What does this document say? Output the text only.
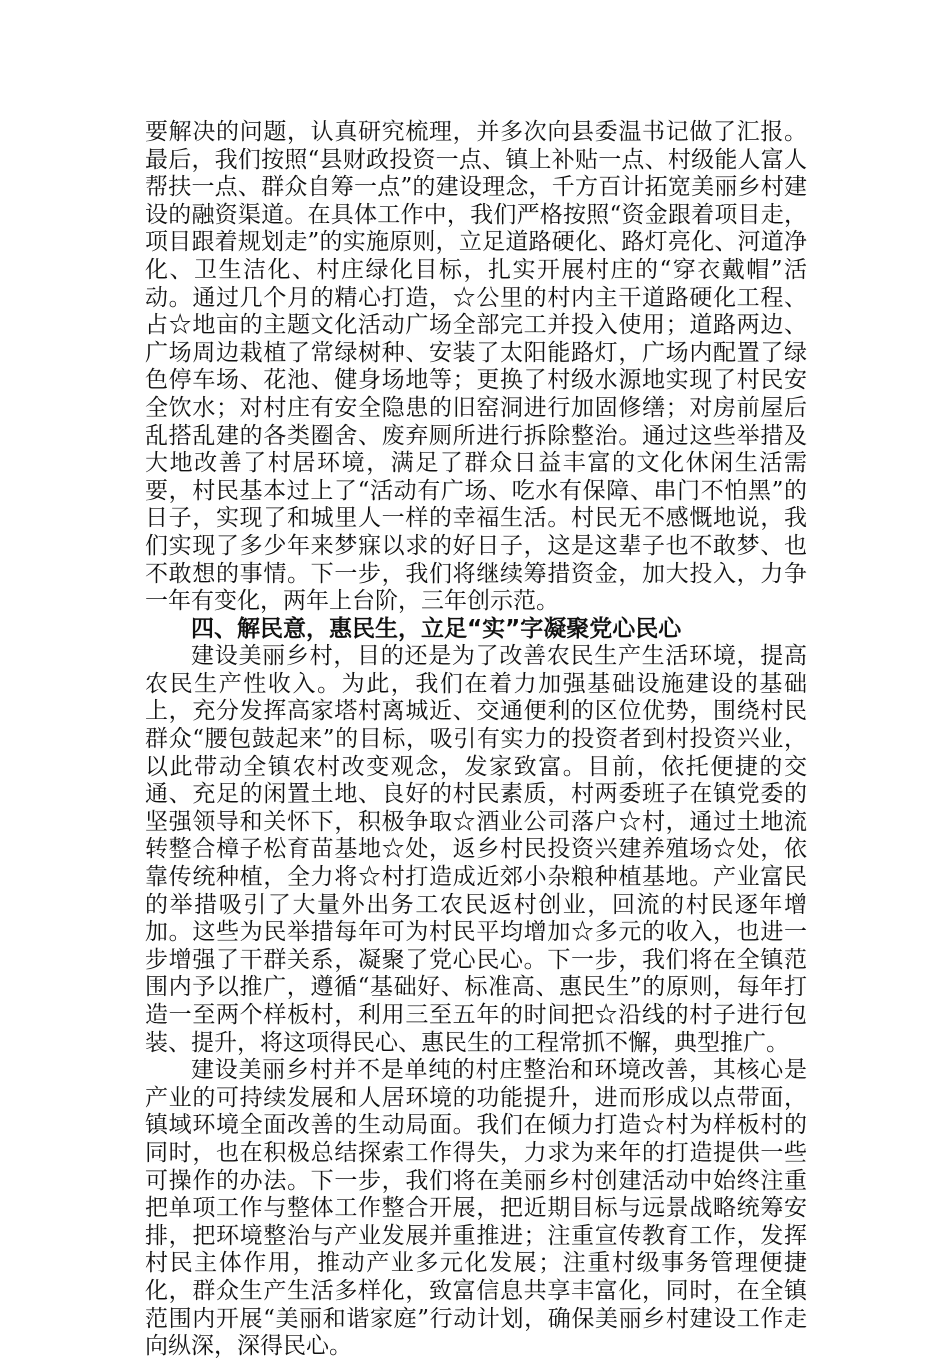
要解决的问题，认真研究梳理，并多次向县委温书记做了汇报。最后，我们按照“县财政投资一点、镇上补贴一点、村级能人富人帮扶一点、群众自筹一点”的建设理念，千方百计拓宽美丽乡村建设的融资渠道。在具体工作中，我们严格按照“资金跟着项目走，项目跟着规划走”的实施原则，立足道路硬化、路灯亮化、河道净化、卫生洁化、村庄绿化目标，扎实开展村庄的“穿衣戴帽”活动。通过几个月的精心打造，☆公里的村内主干道路硬化工程、占☆地亩的主题文化活动广场全部完工并投入使用；道路两边、广场周边栽植了常绿树种、安装了太阳能路灯，广场内配置了绿色停车场、花池、健身场地等；更换了村级水源地实现了村民安全饮水；对村庄有安全隐患的旧窑洞进行加固修缮；对房前屋后乱搭乱建的各类圈舍、废弃厕所进行拆除整治。通过这些举措及大地改善了村居环境，满足了群众日益丰富的文化休闲生活需要，村民基本过上了“活动有广场、吃水有保障、串门不怕黑”的日子，实现了和城里人一样的幸福生活。村民无不感慨地说，我们实现了多少年来梦寐以求的好日子，这是这辈子也不敢梦、也不敢想的事情。下一步，我们将继续筹措资金，加大投入，力争一年有变化，两年上台阶，三年创示范。

四、解民意，惠民生，立足“实”字凝聚党心民心

建设美丽乡村，目的还是为了改善农民生产生活环境，提高农民生产性收入。为此，我们在着力加强基础设施建设的基础上，充分发挥高家塔村离城近、交通便利的区位优势，围绕村民群众“腰包鼓起来”的目标，吸引有实力的投资者到村投资兴业，以此带动全镇农村改变观念，发家致富。目前，依托便捷的交通、充足的闲置土地、良好的村民素质，村两委班子在镇党委的坚强领导和关怀下，积极争取☆酒业公司落户☆村，通过土地流转整合樟子松育苗基地☆处，返乡村民投资兴建养殖场☆处，依靠传统种植，全力将☆村打造成近郊小杂粮种植基地。产业富民的举措吸引了大量外出务工农民返村创业，回流的村民逐年增加。这些为民举措每年可为村民平均增加☆多元的收入，也进一步增强了干群关系，凝聚了党心民心。下一步，我们将在全镇范围内予以推广，遵循“基础好、标准高、惠民生”的原则，每年打造一至两个样板村，利用三至五年的时间把☆沿线的村子进行包装、提升，将这项得民心、惠民生的工程常抓不懈，典型推广。

建设美丽乡村并不是单纯的村庄整治和环境改善，其核心是产业的可持续发展和人居环境的功能提升，进而形成以点带面，镇域环境全面改善的生动局面。我们在倾力打造☆村为样板村的同时，也在积极总结探索工作得失，力求为来年的打造提供一些可操作的办法。下一步，我们将在美丽乡村创建活动中始终注重把单项工作与整体工作整合开展，把近期目标与远景战略统筹安排，把环境整治与产业发展并重推进；注重宣传教育工作，发挥村民主体作用，推动产业多元化发展；注重村级事务管理便捷化，群众生产生活多样化，致富信息共享丰富化，同时，在全镇范围内开展“美丽和谐家庭”行动计划，确保美丽乡村建设工作走向纵深，深得民心。
